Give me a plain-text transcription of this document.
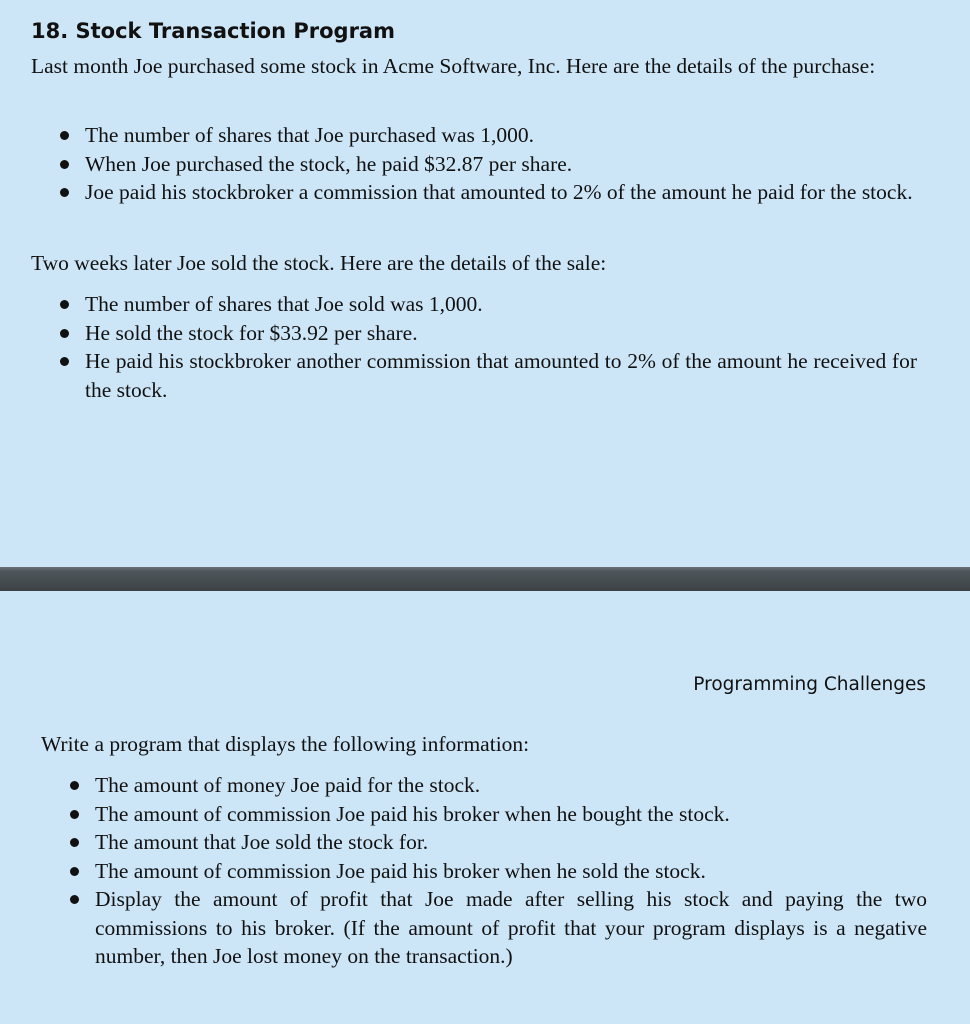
18. Stock Transaction Program

Last month Joe purchased some stock in Acme Software, Inc. Here are the details of the purchase:

The number of shares that Joe purchased was 1,000.
When Joe purchased the stock, he paid $32.87 per share.
Joe paid his stockbroker a commission that amounted to 2% of the amount he paid for the stock.

Two weeks later Joe sold the stock. Here are the details of the sale:

The number of shares that Joe sold was 1,000.
He sold the stock for $33.92 per share.
He paid his stockbroker another commission that amounted to 2% of the amount he received for the stock.

Programming Challenges

Write a program that displays the following information:

The amount of money Joe paid for the stock.
The amount of commission Joe paid his broker when he bought the stock.
The amount that Joe sold the stock for.
The amount of commission Joe paid his broker when he sold the stock.
Display the amount of profit that Joe made after selling his stock and paying the two commissions to his broker. (If the amount of profit that your program displays is a negative number, then Joe lost money on the transaction.)
